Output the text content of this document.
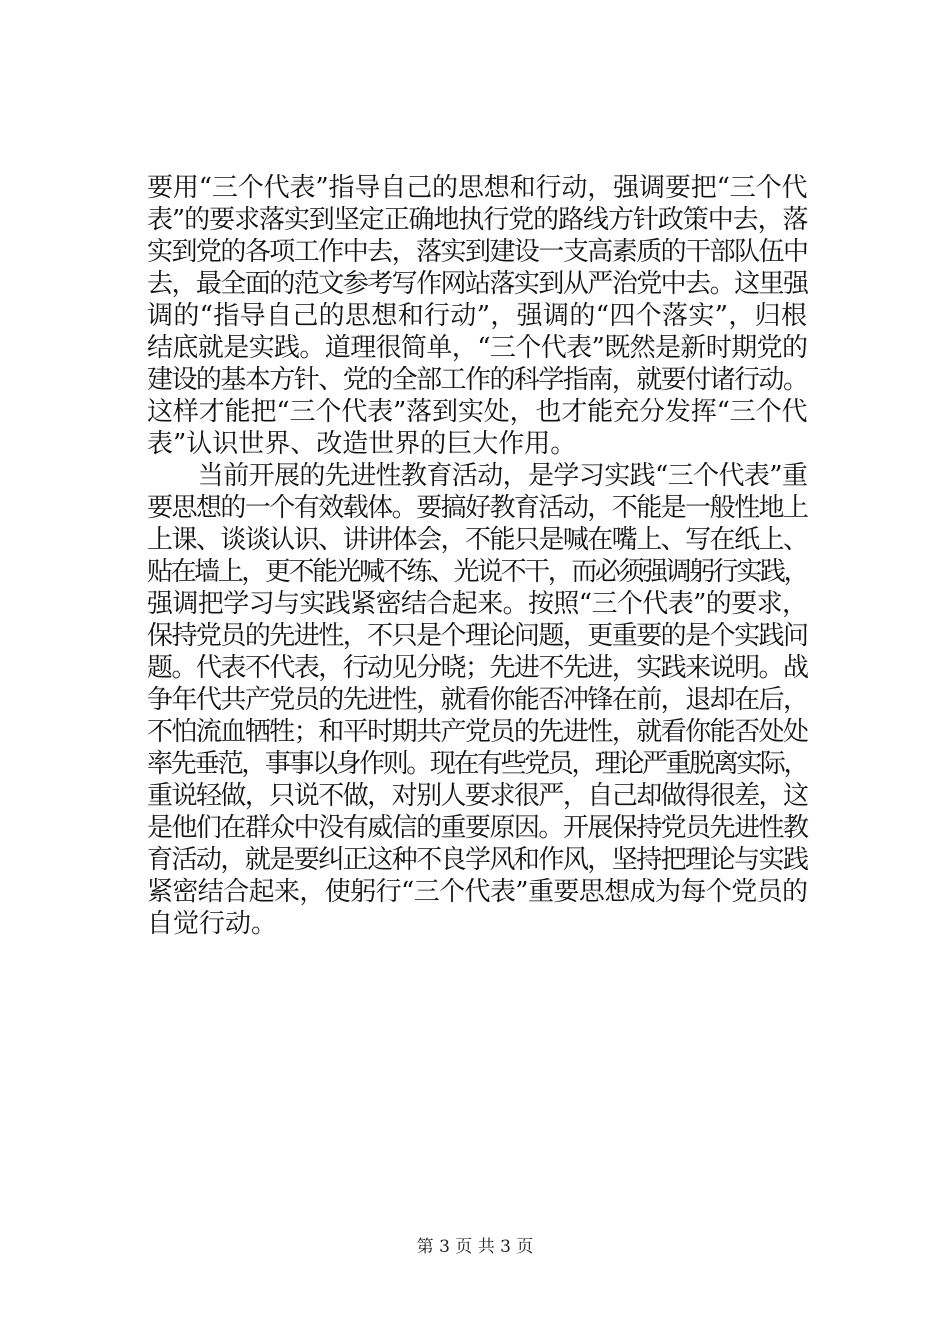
要用“三个代表”指导自己的思想和行动，强调要把“三个代
表”的要求落实到坚定正确地执行党的路线方针政策中去，落
实到党的各项工作中去，落实到建设一支高素质的干部队伍中
去，最全面的范文参考写作网站落实到从严治党中去。这里强
调的“指导自己的思想和行动”，强调的“四个落实”，归根
结底就是实践。道理很简单，“三个代表”既然是新时期党的
建设的基本方针、党的全部工作的科学指南，就要付诸行动。
这样才能把“三个代表”落到实处，也才能充分发挥“三个代
表”认识世界、改造世界的巨大作用。
　　当前开展的先进性教育活动，是学习实践“三个代表”重
要思想的一个有效载体。要搞好教育活动，不能是一般性地上
上课、谈谈认识、讲讲体会，不能只是喊在嘴上、写在纸上、
贴在墙上，更不能光喊不练、光说不干，而必须强调躬行实践，
强调把学习与实践紧密结合起来。按照“三个代表”的要求，
保持党员的先进性，不只是个理论问题，更重要的是个实践问
题。代表不代表，行动见分晓；先进不先进，实践来说明。战
争年代共产党员的先进性，就看你能否冲锋在前，退却在后，
不怕流血牺牲；和平时期共产党员的先进性，就看你能否处处
率先垂范，事事以身作则。现在有些党员，理论严重脱离实际，
重说轻做，只说不做，对别人要求很严，自己却做得很差，这
是他们在群众中没有威信的重要原因。开展保持党员先进性教
育活动，就是要纠正这种不良学风和作风，坚持把理论与实践
紧密结合起来，使躬行“三个代表”重要思想成为每个党员的
自觉行动。
第 3 页 共 3 页
